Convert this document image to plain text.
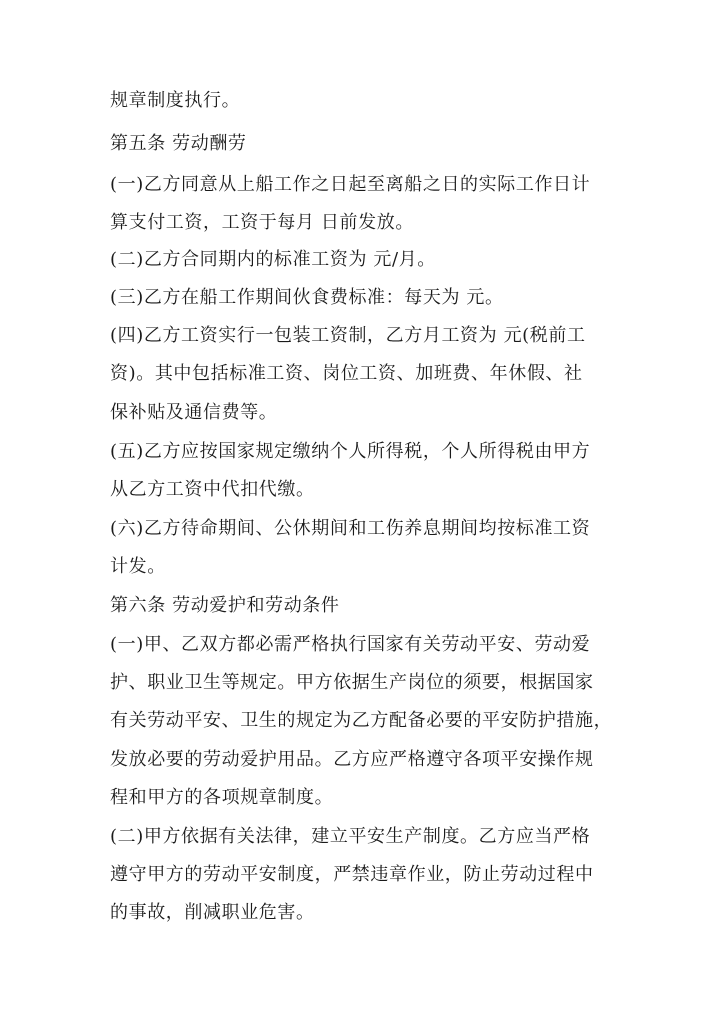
规章制度执行。
第五条 劳动酬劳
(一)乙方同意从上船工作之日起至离船之日的实际工作日计
算支付工资，工资于每月 日前发放。
(二)乙方合同期内的标准工资为 元/月。
(三)乙方在船工作期间伙食费标准：每天为 元。
(四)乙方工资实行一包装工资制，乙方月工资为 元(税前工
资)。其中包括标准工资、岗位工资、加班费、年休假、社
保补贴及通信费等。
(五)乙方应按国家规定缴纳个人所得税，个人所得税由甲方
从乙方工资中代扣代缴。
(六)乙方待命期间、公休期间和工伤养息期间均按标准工资
计发。
第六条 劳动爱护和劳动条件
(一)甲、乙双方都必需严格执行国家有关劳动平安、劳动爱
护、职业卫生等规定。甲方依据生产岗位的须要，根据国家
有关劳动平安、卫生的规定为乙方配备必要的平安防护措施，
发放必要的劳动爱护用品。乙方应严格遵守各项平安操作规
程和甲方的各项规章制度。
(二)甲方依据有关法律，建立平安生产制度。乙方应当严格
遵守甲方的劳动平安制度，严禁违章作业，防止劳动过程中
的事故，削减职业危害。
